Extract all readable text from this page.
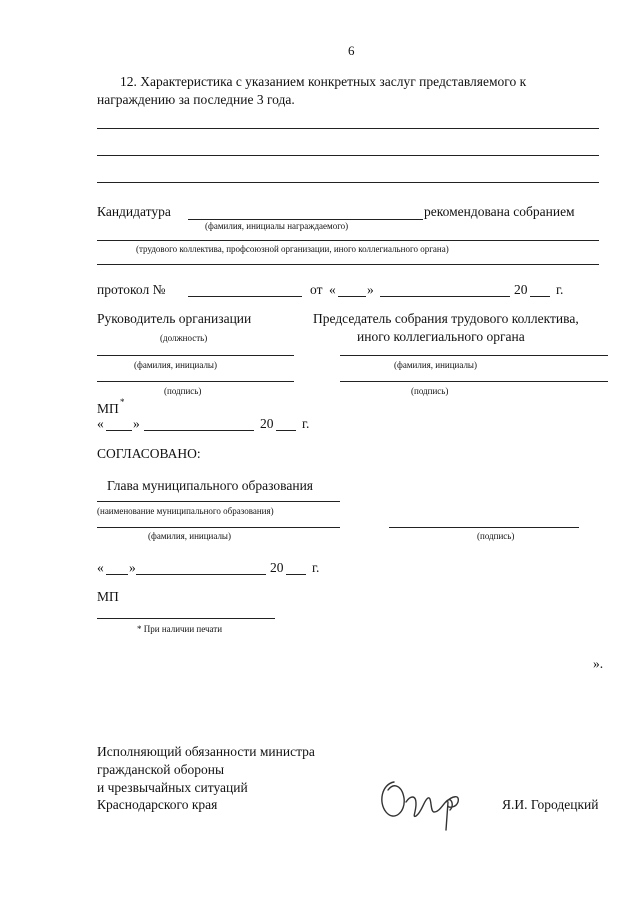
6
12. Характеристика с указанием конкретных заслуг представляемого к
награждению за последние 3 года.
Кандидатура	рекомендована собранием
(фамилия, инициалы награждаемого)
(трудового коллектива, профсоюзной организации, иного коллегиального органа)
протокол №	от « »	20 г.
Руководитель организации
(должность)
(фамилия, инициалы)
(подпись)
Председатель собрания трудового коллектива,
иного коллегиального органа
(фамилия, инициалы)
(подпись)
МП *
« »	20 г.
СОГЛАСОВАНО:
Глава муниципального образования
(наименование муниципального образования)
(фамилия, инициалы)	(подпись)
« »	20 г.
МП
* При наличии печати
».
Исполняющий обязанности министра
гражданской обороны
и чрезвычайных ситуаций
Краснодарского края	Я.И. Городецкий
